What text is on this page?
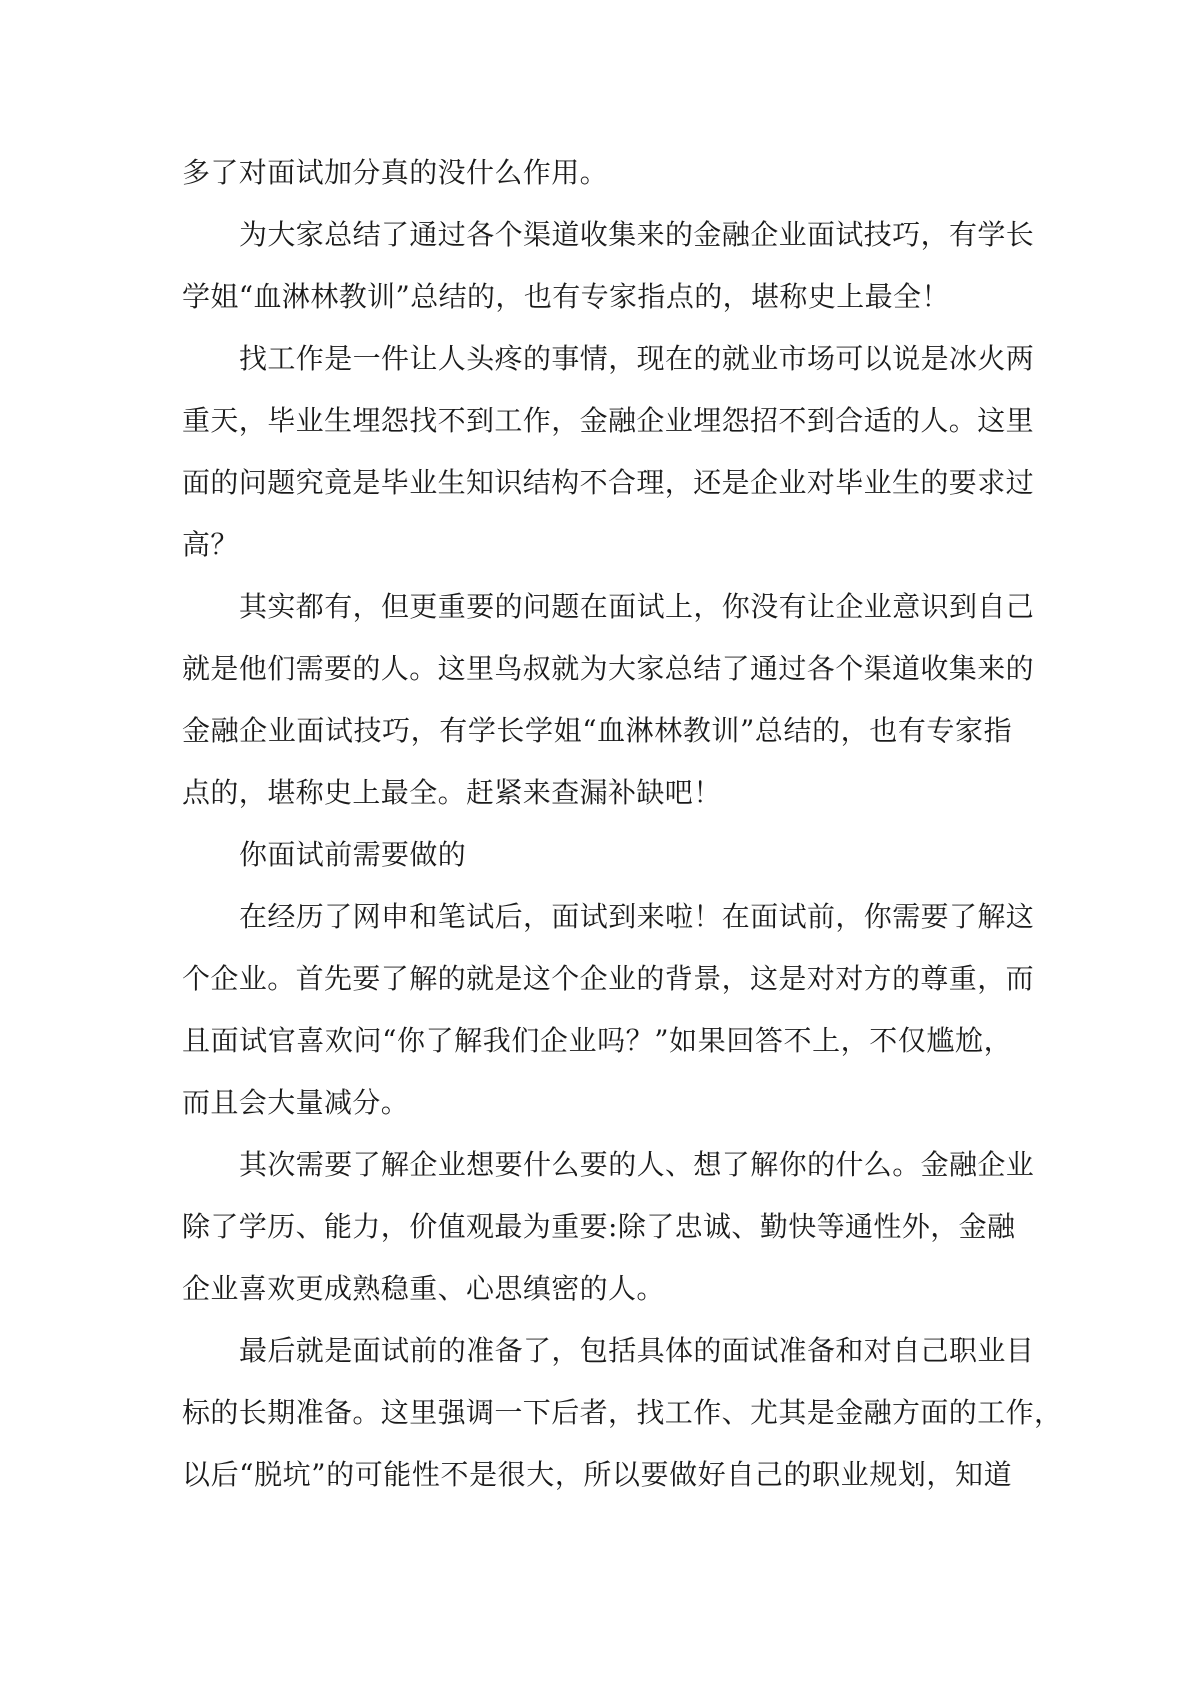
多了对面试加分真的没什么作用。
为大家总结了通过各个渠道收集来的金融企业面试技巧，有学长
学姐“血淋林教训”总结的，也有专家指点的，堪称史上最全！
找工作是一件让人头疼的事情，现在的就业市场可以说是冰火两
重天，毕业生埋怨找不到工作，金融企业埋怨招不到合适的人。这里
面的问题究竟是毕业生知识结构不合理，还是企业对毕业生的要求过
高？
其实都有，但更重要的问题在面试上，你没有让企业意识到自己
就是他们需要的人。这里鸟叔就为大家总结了通过各个渠道收集来的
金融企业面试技巧，有学长学姐“血淋林教训”总结的，也有专家指
点的，堪称史上最全。赶紧来查漏补缺吧！
你面试前需要做的
在经历了网申和笔试后，面试到来啦！在面试前，你需要了解这
个企业。首先要了解的就是这个企业的背景，这是对对方的尊重，而
且面试官喜欢问“你了解我们企业吗？”如果回答不上，不仅尴尬，
而且会大量减分。
其次需要了解企业想要什么要的人、想了解你的什么。金融企业
除了学历、能力，价值观最为重要:除了忠诚、勤快等通性外，金融
企业喜欢更成熟稳重、心思缜密的人。
最后就是面试前的准备了，包括具体的面试准备和对自己职业目
标的长期准备。这里强调一下后者，找工作、尤其是金融方面的工作，
以后“脱坑”的可能性不是很大，所以要做好自己的职业规划，知道
